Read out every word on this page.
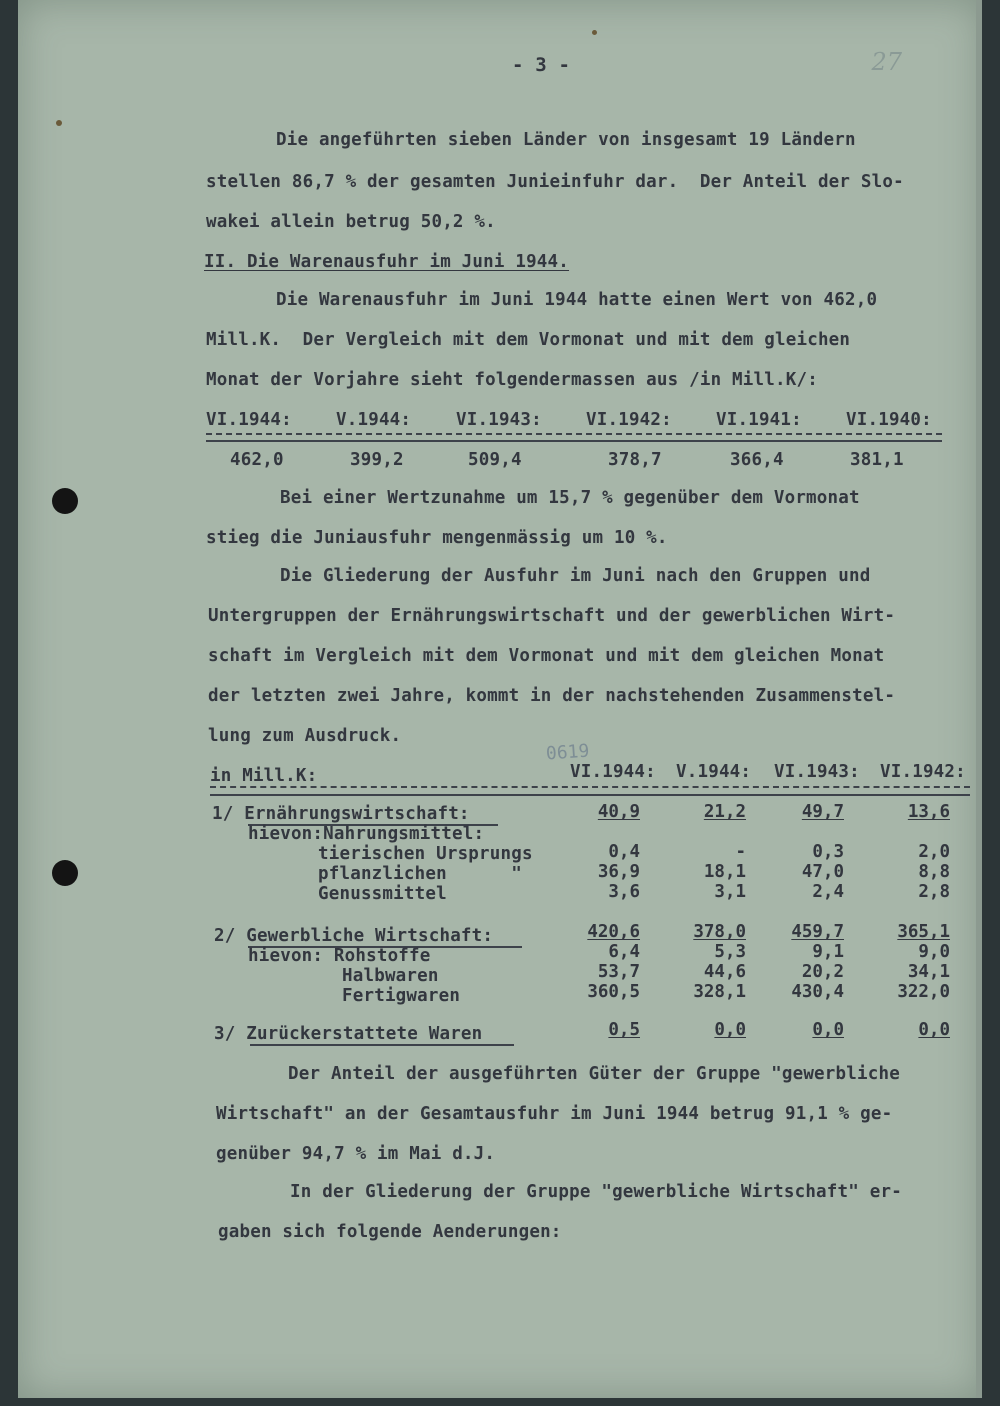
- 3 -	27
Die angeführten sieben Länder von insgesamt 19 Ländern
stellen 86,7 % der gesamten Junieinfuhr dar.  Der Anteil der Slo-
wakei allein betrug 50,2 %.
II. Die Warenausfuhr im Juni 1944.
Die Warenausfuhr im Juni 1944 hatte einen Wert von 462,0
Mill.K.  Der Vergleich mit dem Vormonat und mit dem gleichen
Monat der Vorjahre sieht folgendermassen aus /in Mill.K/:
VI.1944:	V.1944:	VI.1943:	VI.1942:	VI.1941:	VI.1940:
462,0	399,2	509,4	378,7	366,4	381,1
Bei einer Wertzunahme um 15,7 % gegenüber dem Vormonat
stieg die Juniausfuhr mengenmässig um 10 %.
Die Gliederung der Ausfuhr im Juni nach den Gruppen und
Untergruppen der Ernährungswirtschaft und der gewerblichen Wirt-
schaft im Vergleich mit dem Vormonat und mit dem gleichen Monat
der letzten zwei Jahre, kommt in der nachstehenden Zusammenstel-
lung zum Ausdruck.
0619
in Mill.K:	VI.1944: V.1944: VI.1943: VI.1942:
1/ Ernährungswirtschaft:	40,9	21,2	49,7	13,6
hievon:Nahrungsmittel:
tierischen Ursprungs	0,4	-	0,3	2,0
pflanzlichen      "	36,9	18,1	47,0	8,8
Genussmittel	3,6	3,1	2,4	2,8
2/ Gewerbliche Wirtschaft:	420,6	378,0	459,7	365,1
hievon: Rohstoffe	6,4	5,3	9,1	9,0
Halbwaren	53,7	44,6	20,2	34,1
Fertigwaren	360,5	328,1	430,4	322,0
3/ Zurückerstattete Waren	0,5	0,0	0,0	0,0
Der Anteil der ausgeführten Güter der Gruppe "gewerbliche
Wirtschaft" an der Gesamtausfuhr im Juni 1944 betrug 91,1 % ge-
genüber 94,7 % im Mai d.J.
In der Gliederung der Gruppe "gewerbliche Wirtschaft" er-
gaben sich folgende Aenderungen:
